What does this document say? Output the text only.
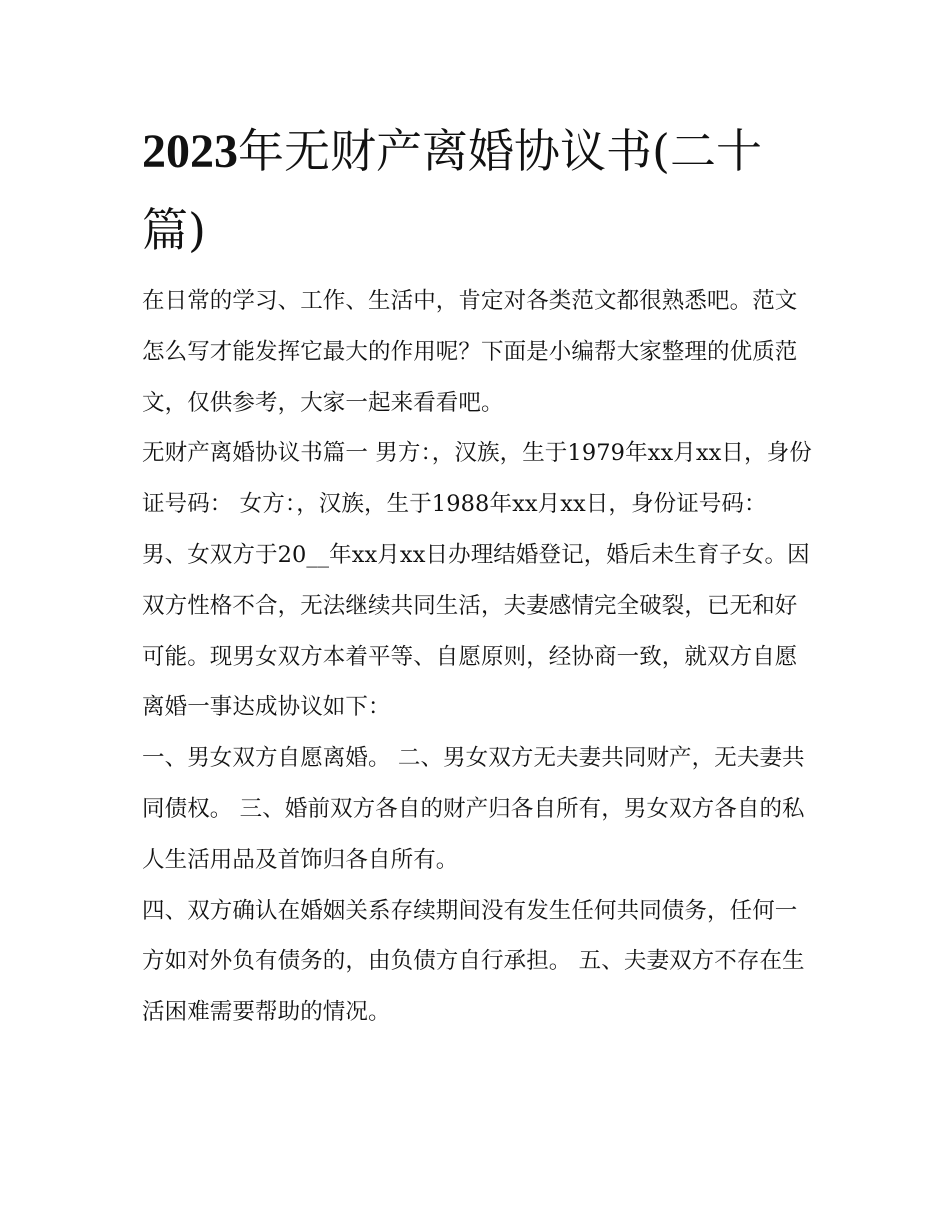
2023年无财产离婚协议书(二十篇)

在日常的学习、工作、生活中，肯定对各类范文都很熟悉吧。范文怎么写才能发挥它最大的作用呢？下面是小编帮大家整理的优质范文，仅供参考，大家一起来看看吧。

无财产离婚协议书篇一 男方：，汉族，生于1979年xx月xx日，身份证号码： 女方：，汉族，生于1988年xx月xx日，身份证号码：

男、女双方于20__年xx月xx日办理结婚登记，婚后未生育子女。因双方性格不合，无法继续共同生活，夫妻感情完全破裂，已无和好可能。现男女双方本着平等、自愿原则，经协商一致，就双方自愿离婚一事达成协议如下：

一、男女双方自愿离婚。 二、男女双方无夫妻共同财产，无夫妻共同债权。 三、婚前双方各自的财产归各自所有，男女双方各自的私人生活用品及首饰归各自所有。

四、双方确认在婚姻关系存续期间没有发生任何共同债务，任何一方如对外负有债务的，由负债方自行承担。 五、夫妻双方不存在生活困难需要帮助的情况。
